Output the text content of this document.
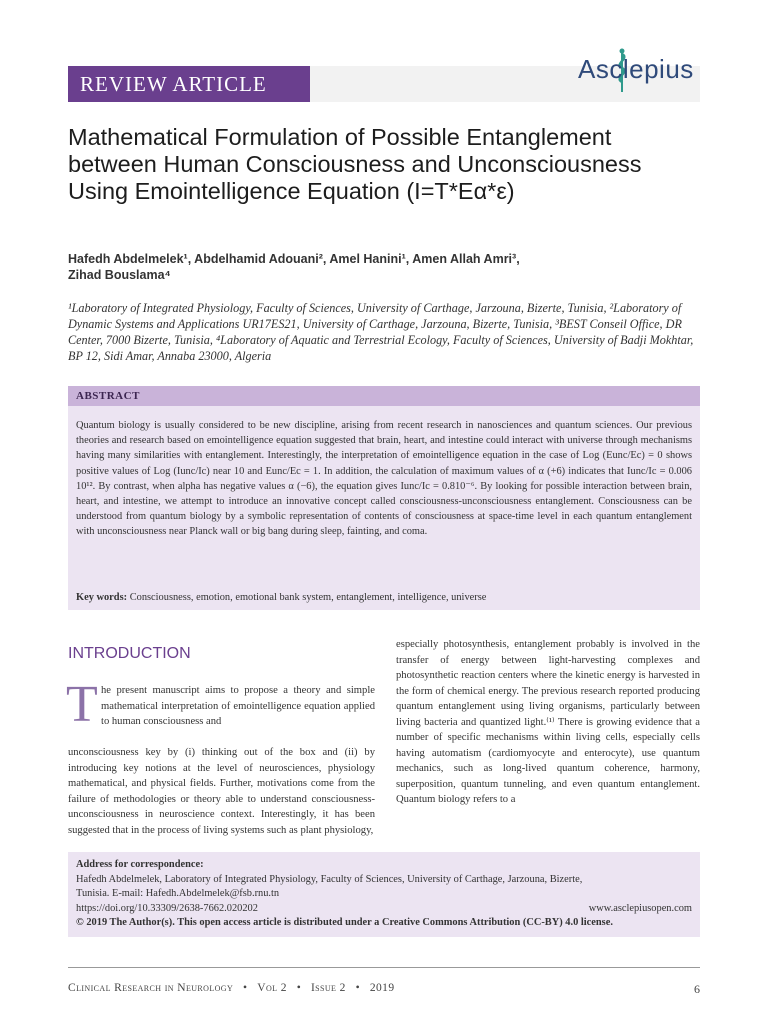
REVIEW ARTICLE	Asclepius
Mathematical Formulation of Possible Entanglement between Human Consciousness and Unconsciousness Using Emointelligence Equation (I=T*Eα*ε)
Hafedh Abdelmelek¹, Abdelhamid Adouani², Amel Hanini¹, Amen Allah Amri³,
Zihad Bouslama⁴
¹Laboratory of Integrated Physiology, Faculty of Sciences, University of Carthage, Jarzouna, Bizerte, Tunisia, ²Laboratory of Dynamic Systems and Applications UR17ES21, University of Carthage, Jarzouna, Bizerte, Tunisia, ³BEST Conseil Office, DR Center, 7000 Bizerte, Tunisia, ⁴Laboratory of Aquatic and Terrestrial Ecology, Faculty of Sciences, University of Badji Mokhtar, BP 12, Sidi Amar, Annaba 23000, Algeria
ABSTRACT
Quantum biology is usually considered to be new discipline, arising from recent research in nanosciences and quantum sciences. Our previous theories and research based on emointelligence equation suggested that brain, heart, and intestine could interact with universe through mechanisms having many similarities with entanglement. Interestingly, the interpretation of emointelligence equation in the case of Log (Eunc/Ec) = 0 shows positive values of Log (Iunc/Ic) near 10 and Eunc/Ec = 1. In addition, the calculation of maximum values of α (+6) indicates that Iunc/Ic = 0.006 10¹². By contrast, when alpha has negative values α (−6), the equation gives Iunc/Ic = 0.810⁻⁶. By looking for possible interaction between brain, heart, and intestine, we attempt to introduce an innovative concept called consciousness-unconsciousness entanglement. Consciousness can be understood from quantum biology by a symbolic representation of contents of consciousness at space-time level in each quantum entanglement with unconsciousness near Planck wall or big bang during sleep, fainting, and coma.
Key words: Consciousness, emotion, emotional bank system, entanglement, intelligence, universe
INTRODUCTION
T he present manuscript aims to propose a theory and simple mathematical interpretation of emointelligence equation applied to human consciousness and
unconsciousness key by (i) thinking out of the box and (ii) by introducing key notions at the level of neurosciences, physiology mathematical, and physical fields. Further, motivations come from the failure of methodologies or theory able to understand consciousness-unconsciousness in neuroscience context. Interestingly, it has been suggested that in the process of living systems such as plant physiology,
especially photosynthesis, entanglement probably is involved in the transfer of energy between light-harvesting complexes and photosynthetic reaction centers where the kinetic energy is harvested in the form of chemical energy. The previous research reported producing quantum entanglement using living organisms, particularly between living bacteria and quantized light.⁽¹⁾ There is growing evidence that a number of specific mechanisms within living cells, especially cells having automatism (cardiomyocyte and enterocyte), use quantum mechanics, such as long-lived quantum coherence, harmony, superposition, quantum tunneling, and even quantum entanglement. Quantum biology refers to a
Address for correspondence:
Hafedh Abdelmelek, Laboratory of Integrated Physiology, Faculty of Sciences, University of Carthage, Jarzouna, Bizerte,
Tunisia. E-mail: Hafedh.Abdelmelek@fsb.rnu.tn
https://doi.org/10.33309/2638-7662.020202	www.asclepiusopen.com
© 2019 The Author(s). This open access article is distributed under a Creative Commons Attribution (CC-BY) 4.0 license.
Clinical Research in Neurology • Vol 2 • Issue 2 • 2019	6
